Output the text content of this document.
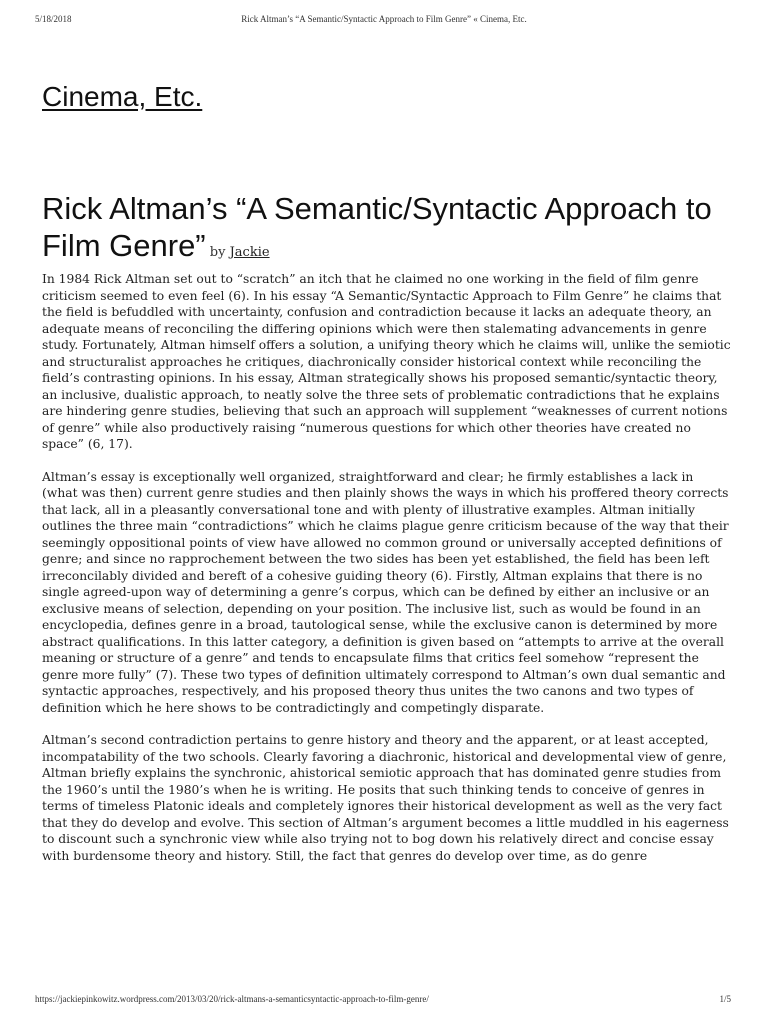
5/18/2018	Rick Altman’s “A Semantic/Syntactic Approach to Film Genre” « Cinema, Etc.
Cinema, Etc.
Rick Altman’s “A Semantic/Syntactic Approach to Film Genre” by Jackie

In 1984 Rick Altman set out to “scratch” an itch that he claimed no one working in the field of film genre criticism seemed to even feel (6). In his essay “A Semantic/Syntactic Approach to Film Genre” he claims that the field is befuddled with uncertainty, confusion and contradiction because it lacks an adequate theory, an adequate means of reconciling the differing opinions which were then stalemating advancements in genre study. Fortunately, Altman himself offers a solution, a unifying theory which he claims will, unlike the semiotic and structuralist approaches he critiques, diachronically consider historical context while reconciling the field’s contrasting opinions. In his essay, Altman strategically shows his proposed semantic/syntactic theory, an inclusive, dualistic approach, to neatly solve the three sets of problematic contradictions that he explains are hindering genre studies, believing that such an approach will supplement “weaknesses of current notions of genre” while also productively raising “numerous questions for which other theories have created no space” (6, 17).

Altman’s essay is exceptionally well organized, straightforward and clear; he firmly establishes a lack in (what was then) current genre studies and then plainly shows the ways in which his proffered theory corrects that lack, all in a pleasantly conversational tone and with plenty of illustrative examples. Altman initially outlines the three main “contradictions” which he claims plague genre criticism because of the way that their seemingly oppositional points of view have allowed no common ground or universally accepted definitions of genre; and since no rapprochement between the two sides has been yet established, the field has been left irreconcilably divided and bereft of a cohesive guiding theory (6). Firstly, Altman explains that there is no single agreed-upon way of determining a genre’s corpus, which can be defined by either an inclusive or an exclusive means of selection, depending on your position. The inclusive list, such as would be found in an encyclopedia, defines genre in a broad, tautological sense, while the exclusive canon is determined by more abstract qualifications. In this latter category, a definition is given based on “attempts to arrive at the overall meaning or structure of a genre” and tends to encapsulate films that critics feel somehow “represent the genre more fully” (7). These two types of definition ultimately correspond to Altman’s own dual semantic and syntactic approaches, respectively, and his proposed theory thus unites the two canons and two types of definition which he here shows to be contradictingly and competingly disparate.

Altman’s second contradiction pertains to genre history and theory and the apparent, or at least accepted, incompatability of the two schools. Clearly favoring a diachronic, historical and developmental view of genre, Altman briefly explains the synchronic, ahistorical semiotic approach that has dominated genre studies from the 1960’s until the 1980’s when he is writing. He posits that such thinking tends to conceive of genres in terms of timeless Platonic ideals and completely ignores their historical development as well as the very fact that they do develop and evolve. This section of Altman’s argument becomes a little muddled in his eagerness to discount such a synchronic view while also trying not to bog down his relatively direct and concise essay with burdensome theory and history. Still, the fact that genres do develop over time, as do genre

https://jackiepinkowitz.wordpress.com/2013/03/20/rick-altmans-a-semanticsyntactic-approach-to-film-genre/	1/5
